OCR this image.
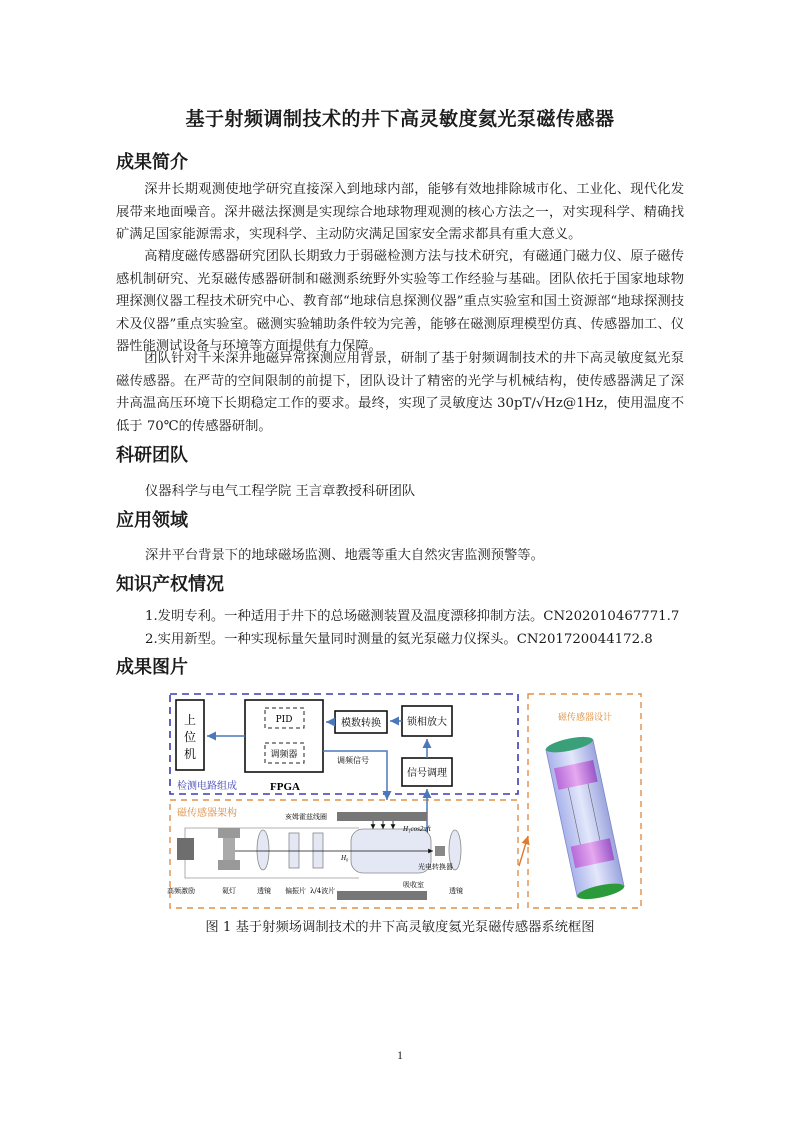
基于射频调制技术的井下高灵敏度氦光泵磁传感器
成果简介
深井长期观测使地学研究直接深入到地球内部，能够有效地排除城市化、工业化、现代化发展带来地面噪音。深井磁法探测是实现综合地球物理观测的核心方法之一，对实现科学、精确找矿满足国家能源需求，实现科学、主动防灾满足国家安全需求都具有重大意义。
高精度磁传感器研究团队长期致力于弱磁检测方法与技术研究，有磁通门磁力仪、原子磁传感机制研究、光泵磁传感器研制和磁测系统野外实验等工作经验与基础。团队依托于国家地球物理探测仪器工程技术研究中心、教育部“地球信息探测仪器”重点实验室和国土资源部“地球探测技术及仪器”重点实验室。磁测实验辅助条件较为完善，能够在磁测原理模型仿真、传感器加工、仪器性能测试设备与环境等方面提供有力保障。
团队针对千米深井地磁异常探测应用背景，研制了基于射频调制技术的井下高灵敏度氦光泵磁传感器。在严苛的空间限制的前提下，团队设计了精密的光学与机械结构，使传感器满足了深井高温高压环境下长期稳定工作的要求。最终，实现了灵敏度达 30pT/√Hz@1Hz，使用温度不低于 70℃的传感器研制。
科研团队
仪器科学与电气工程学院 王言章教授科研团队
应用领域
深井平台背景下的地球磁场监测、地震等重大自然灾害监测预警等。
知识产权情况
1.发明专利。一种适用于井下的总场磁测装置及温度漂移抑制方法。CN202010467771.7
2.实用新型。一种实现标量矢量同时测量的氦光泵磁力仪探头。CN201720044172.8
成果图片
上
位
机
PID
调频器
FPGA
检测电路组成
模数转换	锁相放大
信号调理
调频信号
磁传感器架构	亥姆霍兹线圈
H₁cos2πft
H₀
高频激励	氦灯	透镜 偏振片 λ/4波片
吸收室
透镜
光电转换器
磁传感器设计
图 1 基于射频场调制技术的井下高灵敏度氦光泵磁传感器系统框图
1
